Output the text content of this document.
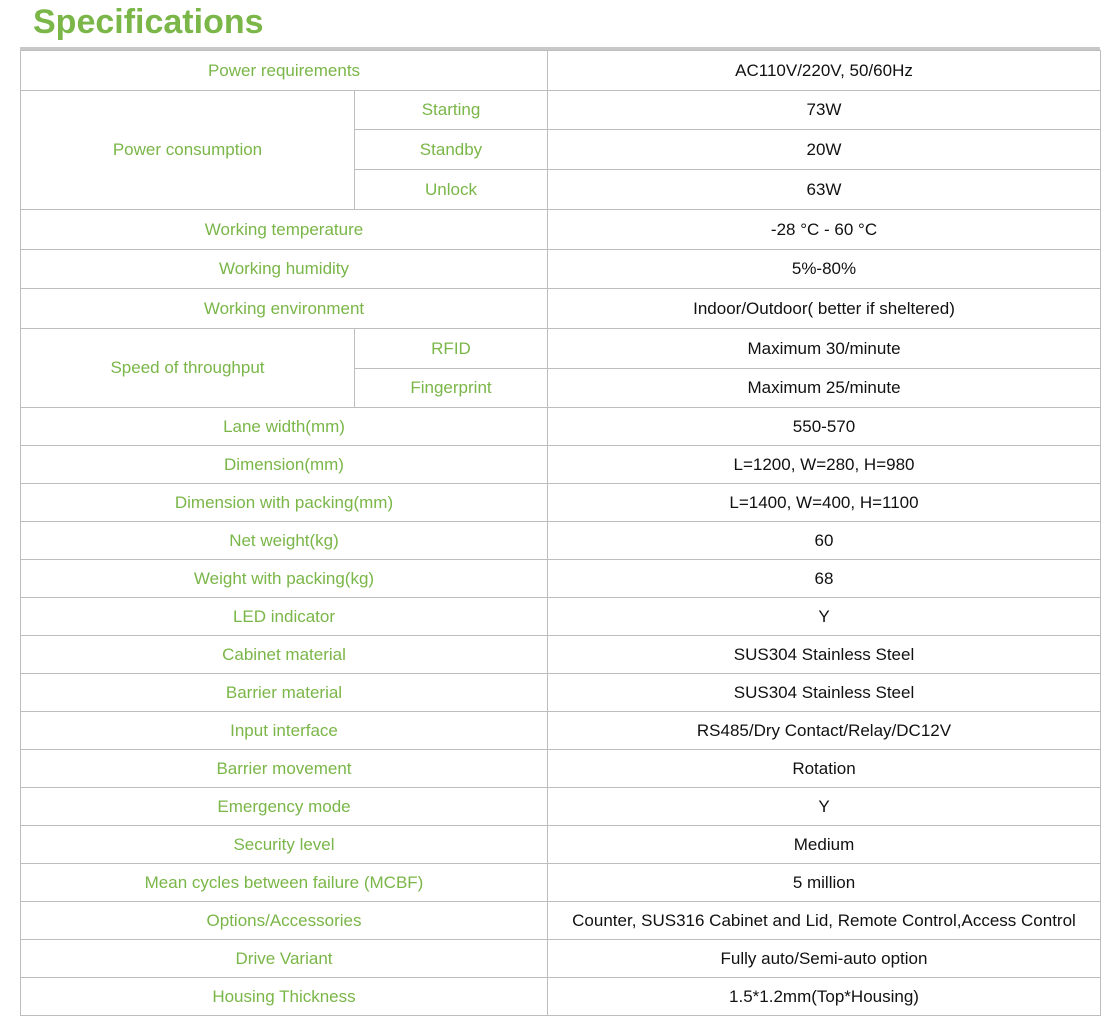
Specifications
Power requirements		AC110V/220V, 50/60Hz
Power consumption	Starting	73W
	Standby	20W
	Unlock	63W
Working temperature		-28 °C - 60 °C
Working humidity		5%-80%
Working environment		Indoor/Outdoor( better if sheltered)
Speed of throughput	RFID	Maximum 30/minute
	Fingerprint	Maximum 25/minute
Lane width(mm)		550-570
Dimension(mm)		L=1200, W=280, H=980
Dimension with packing(mm)		L=1400, W=400, H=1100
Net weight(kg)		60
Weight with packing(kg)		68
LED indicator		Y
Cabinet material		SUS304 Stainless Steel
Barrier material		SUS304 Stainless Steel
Input interface		RS485/Dry Contact/Relay/DC12V
Barrier movement		Rotation
Emergency mode		Y
Security level		Medium
Mean cycles between failure (MCBF)		5 million
Options/Accessories		Counter, SUS316 Cabinet and Lid, Remote Control,Access Control
Drive Variant		Fully auto/Semi-auto option
Housing Thickness		1.5*1.2mm(Top*Housing)
